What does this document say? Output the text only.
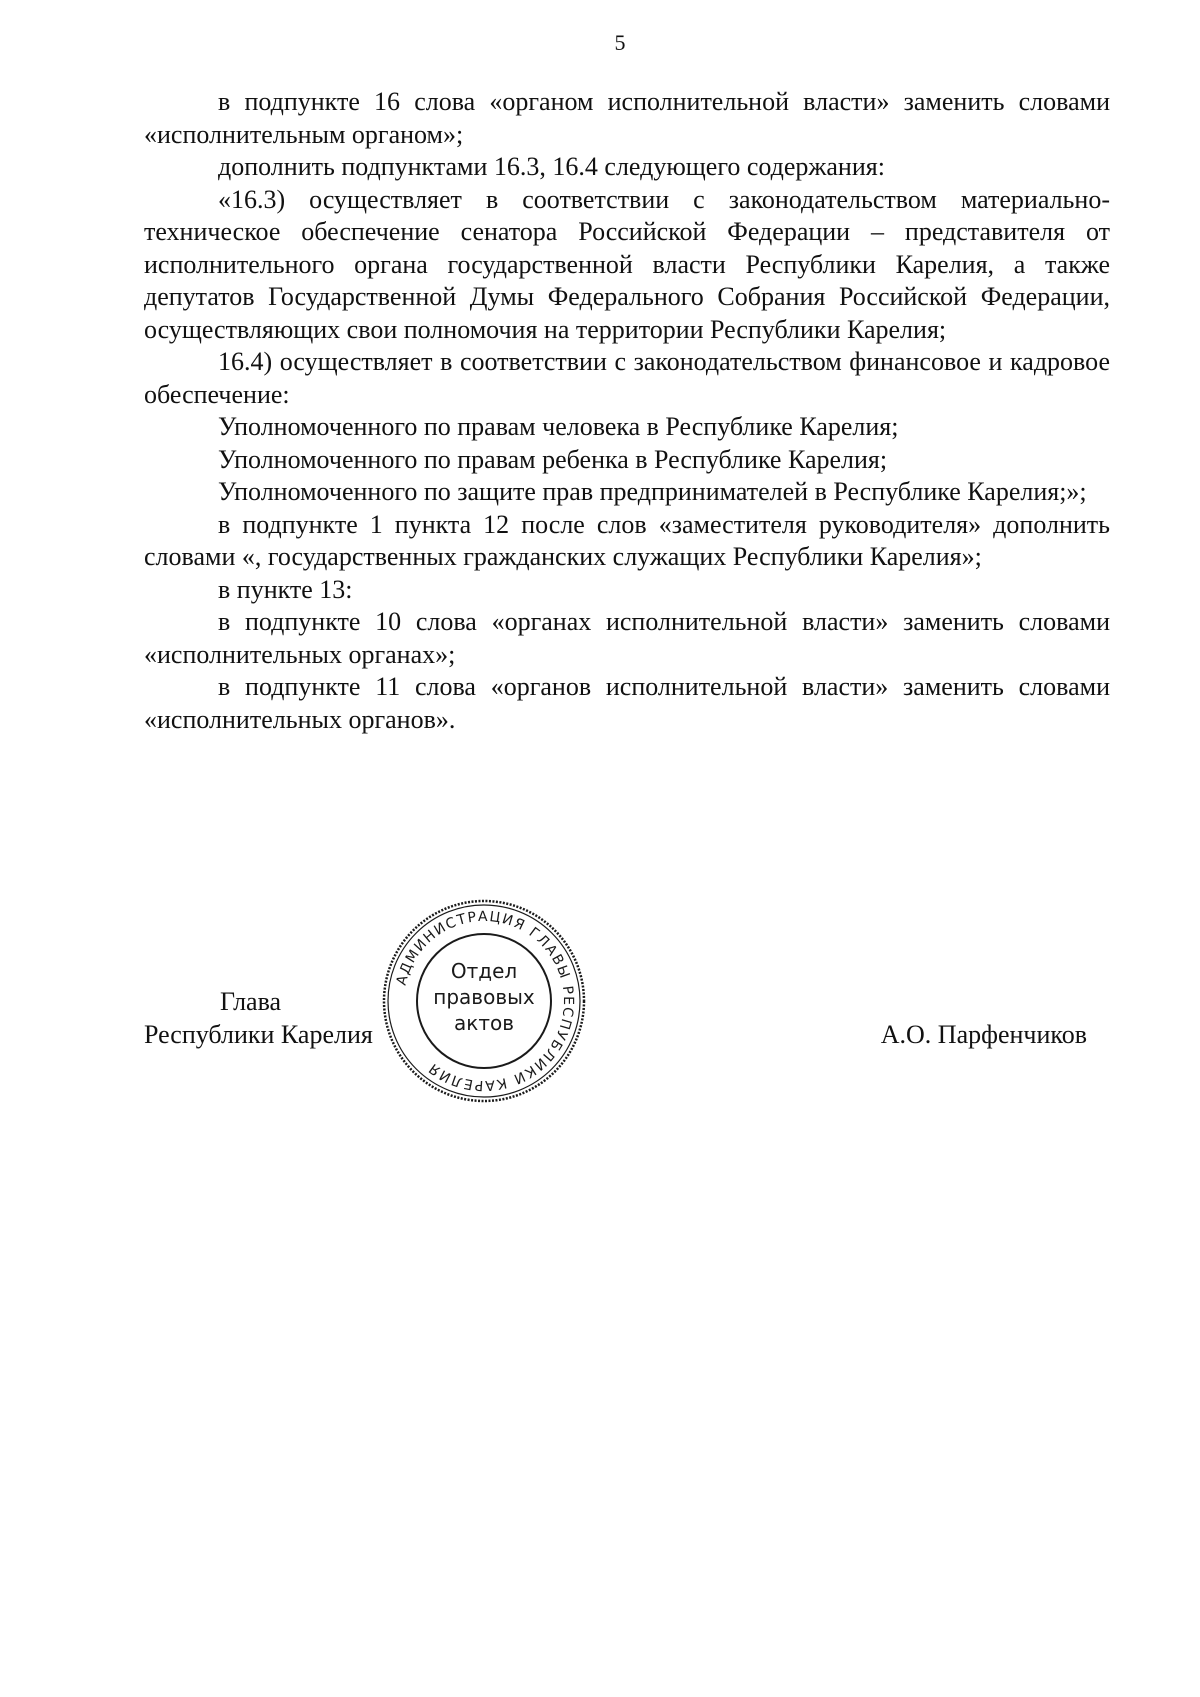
5

в подпункте 16 слова «органом исполнительной власти» заменить словами «исполнительным органом»;

дополнить подпунктами 16.3, 16.4 следующего содержания:

«16.3) осуществляет в соответствии с законодательством материально-техническое обеспечение сенатора Российской Федерации – представителя от исполнительного органа государственной власти Республики Карелия, а также депутатов Государственной Думы Федерального Собрания Российской Федерации, осуществляющих свои полномочия на территории Республики Карелия;

16.4) осуществляет в соответствии с законодательством финансовое и кадровое обеспечение:

Уполномоченного по правам человека в Республике Карелия;

Уполномоченного по правам ребенка в Республике Карелия;

Уполномоченного по защите прав предпринимателей в Республике Карелия;»;

в подпункте 1 пункта 12 после слов «заместителя руководителя» дополнить словами «, государственных гражданских служащих Республики Карелия»;

в пункте 13:

в подпункте 10 слова «органах исполнительной власти» заменить словами «исполнительных органах»;

в подпункте 11 слова «органов исполнительной власти» заменить словами «исполнительных органов».

Глава
Республики Карелия	А.О. Парфенчиков
АДМИНИСТРАЦИЯ ГЛАВЫ РЕСПУБЛИКИ КАРЕЛИЯ
Отдел
правовых
актов
